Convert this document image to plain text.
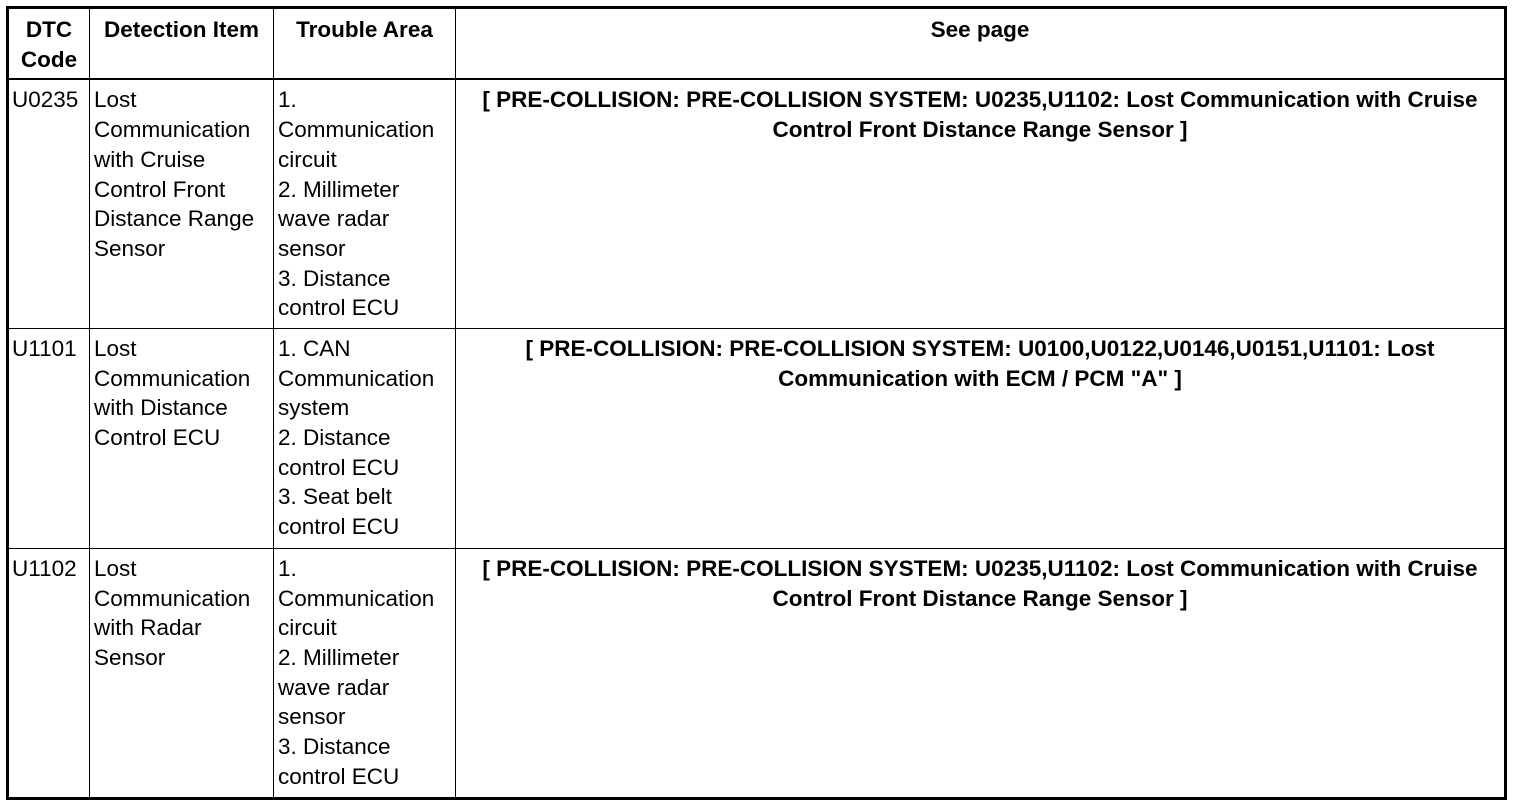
DTC
Code	Detection Item	Trouble Area	See page
U0235	Lost Communication with Cruise Control Front Distance Range Sensor	1. Communication circuit
2. Millimeter wave radar sensor
3. Distance control ECU	[ PRE-COLLISION: PRE-COLLISION SYSTEM: U0235,U1102: Lost Communication with Cruise Control Front Distance Range Sensor ]
U1101	Lost Communication with Distance Control ECU	1. CAN Communication system
2. Distance control ECU
3. Seat belt control ECU	[ PRE-COLLISION: PRE-COLLISION SYSTEM: U0100,U0122,U0146,U0151,U1101: Lost Communication with ECM / PCM "A" ]
U1102	Lost Communication with Radar Sensor	1. Communication circuit
2. Millimeter wave radar sensor
3. Distance control ECU	[ PRE-COLLISION: PRE-COLLISION SYSTEM: U0235,U1102: Lost Communication with Cruise Control Front Distance Range Sensor ]
